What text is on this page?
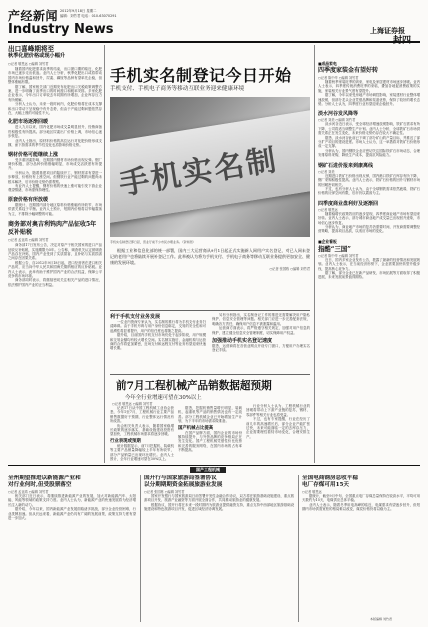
产经新闻
Industry News
2012年9月18日 星期二
编辑：刘竹君 电话：010-63070291
上海证券报
出口喜峰期将至
秋季化肥价格或现小幅升
○记者 敬恩远 ○编辑 刘竹君

随着国内化肥需求淡季的结束，出口窗口期的临近，化肥市场已逐步走出低迷。业内人士分析，秋季化肥出口或将带动国内市场价格温和回升，尿素、磷铵等品种有望率先企稳，但整体涨幅有限。

据了解，国家相关部门近期发布化肥出口关税政策调整方案，进一步明确了淡季出口的时间窗口和税率安排。多家化肥企业表示，今年出口订单较去年同期有所增加，企业库存压力有所缓解。

分析人士认为，未来一段时间内，化肥价格将在成本支撑和出口带动下呈现稳中有升态势，但由于产能过剩问题依然存在，大幅上涨的可能性不大。

化肥市场逐渐回暖

进入九月以来，国内化肥市场成交量明显回升，经销商备货积极性有所提高。部分地区尿素出厂价格上调，市场信心逐步恢复。

业内人士指出，原材料价格的高位运行对化肥价格形成支撑，而下游需求的季节性变化也将影响价格走势。

钢材价格可能继续上涨

受多重因素影响，近期国内钢材市场价格出现反弹。钢厂调价积极，部分品种价格涨幅明显，市场成交活跃度有所提升。

分析认为，随着基建项目的陆续开工，钢材需求有望进一步释放，价格仍有上涨空间。但钢铁行业产能过剩的问题尚未根本解决，后市价格走势仍需观察。

有业内人士提醒，钢材价格的快速上涨可能引发下游企业观望情绪，市场需保持理性。

原套价格有所放缓

据统计，近期国内部分地区原料价格涨幅有所收窄，市场供需关系趋于平衡。业内人士预计，短期内价格将以窄幅震荡为主，不排除小幅调整的可能。

商务部对奥吉利钨肉产品征收5年反补贴税
○记者 孟亚鸿 ○编辑 刘竹君

商务部17日发布公告，决定对原产于相关国家的进口产品征收反补贴税，实施期限为5年。公告称，调查机关认定被调查产品存在补贴，国内产业受到了实质损害，且补贴与实质损害之间存在因果关系。

根据公告，自2012年9月18日起，进口经营者在进口相关产品时，应当向中华人民共和国海关缴纳相应的反补贴税。业内人士表示，此举有助于维护国内产业的合法权益，保障公平竞争的市场环境。

商务部同时表示，将继续密切关注相关产品的进口情况，依法维护国内产业的正当利益。

手机实名制登记今日开始
手机支付、手机电子商务等移动互联业务迎来健康环境
手机实名制
手机实名制登记即日起，营业厅前不少市民办理业务。（资料图）

根据工业和信息化部的统一部署，国内三大运营商从9月1日起正式实施新入网用户实名登记，对已入网未登记的老用户也将陆续开展补登记工作。此举被认为将为手机支付、手机电子商务等移动互联业务提供更加安全、健康的发展环境。

○记者 张国栋 ○编辑 刘竹君
利于手机支付业务发展

一位业内资深专家认为，实名制的推行将为手机支付业务扫清障碍。由于手机号码与用户身份信息绑定，交易的安全性和可追溯性将显著提升，用户的信任度也将随之提高。

据介绍，目前国内手机支付市场仍处于起步阶段，用户规模和交易金额均有较大增长空间。实名制实施后，金融机构与运营商的合作将更加紧密，近场支付和远程支付等业务有望迎来快速增长期。

另有分析指出，实名制登记工作的推进还需要解决用户隐私保护、信息安全管理等问题。相关部门应进一步完善配套法规，明确各方责任，确保用户信息不被泄露和滥用。

运营商方面表示，将严格遵守相关规定，加强对用户信息的保护，建立健全信息安全管理制度，切实保障用户权益。

加强推动手机实名登记速度
据悉，运营商将在各营业网点开设专门窗口，方便用户办理实名登记手续。
前7月工程机械产品销数据超预期
今年全行业增速可望在30%以上
○记者 敬恩远 ○编辑 刘竹君

记者17日从中国工程机械工业协会获悉，今年1至7月，工程机械行业主要产品销售数据好于预期，行业整体运行情况有所改善。

协会相关负责人表示，随着国家稳增长政策的逐步落实，基础设施建设投资有望加快，工程机械市场需求将逐步回暖。

行业表现或预期

统计数据显示，前7月挖掘机、装载机等主要产品销量降幅较上半年有所收窄，部分产品销量已出现环比增长。业内人士预计，全年行业增速可望在30%以上。

据悉，挖掘机销售量增长明显，装载机、起重机等产品的销售情况也有一定改善。部分工程机械企业已开始增加生产计划，为下半年的市场需求做准备。

国产机械占比提高

在国产品牌方面，国内企业的市场份额持续提升，与外资品牌的竞争格局正在发生变化。国产工程机械凭借性价比优势和完善的服务网络，在国内市场的占有率不断提高。

行业分析人士认为，工程机械行业的回暖将带动上下游产业链的复苏，钢材、零部件等相关行业也将受益。

不过，也有专家提醒，行业在经历了前几年的高速增长后，部分企业产能扩张过快，未来可能面临一定的去库存压力，企业需要理性看待市场变化，合理安排生产。

■成品家电
四季度家装金有望好转
○记者 陈中华 ○编辑 刘竹君

随着秋季家装旺季的到来，家电及家居建材市场逐步回暖。业内人士表示，四季度传统消费旺季的来临，叠加各地促消费政策的实施，家装相关行业景气度有望提升。

据了解，今年以来受房地产市场调控影响，家装建材行业整体增速放缓，但部分龙头企业凭借品牌和渠道优势，保持了较好的增长态势。分析人士认为，四季度行业有望迎来企稳回升。

淡水河谷发风降等
○记者 刘美 ○编辑 刘竹君

淡水河谷近日表示，受全球经济增速放缓影响，铁矿石需求有所下降，公司将适当调整生产计划。业内人士分析，全球铁矿石市场供需关系正在发生变化，未来价格走势仍存在较大不确定性。

据悉，淡水河谷此前已下调了部分矿山的产量目标，并推迟了部分扩产项目的建设进度。市场人士认为，这一举措将对铁矿石价格形成一定支撑。

分析认为，国内钢铁企业应密切关注国际铁矿石市场动态，合理安排原料采购，降低生产成本，提高抗风险能力。

钢矿石进价报来到康离线
○记者 刘美

近期进口铁矿石价格出现反弹，国内港口铁矿石库存有所下降，钢厂采购积极性提高。业内人士表示，铁矿石价格的回升与钢材市场的回暖密切相关。

不过，也有分析人士认为，由于全球钢铁需求依然疲弱，铁矿石价格的反弹空间有限，后市仍以震荡为主。

四季度商业盘利好及逐渐回
○记者 敬恩远

随着稳增长政策效应的逐步显现，四季度商业地产市场有望迎来好转。业内人士表示，部分城市商业地产成交量已出现回升迹象，市场信心逐步恢复。

分析认为，商业地产市场的复苏仍需要时间，开发商需要调整经营策略，提高项目品质，以适应市场的变化。

■企业看板
指酷“三国”
○记者 陈中华 ○编辑 刘竹君

近日，国内多家企业发布公告，披露了最新的经营情况和发展规划。业内人士表示，在当前经济形势下，企业需要加快转型升级步伐，提高核心竞争力。

据了解，部分企业已在新产品研发、市场拓展等方面取得了积极进展，未来发展前景值得期待。

国产工程机械
全州期望推进以新能源产业和
对行业何时,但受股票落空
○记者 孟亚鸿 ○编辑 刘竹君

相关部门近日表示，将继续推进新能源产业的发展，加大对新能源汽车、太阳能、风能等领域的政策支持力度。业内人士认为，新能源产业的快速发展将为经济增长注入新的动力。

据介绍，今年以来，国内新能源产业发展面临诸多挑战，部分企业经营困难，行业洗牌加速。但从长远来看，新能源产业仍具有广阔的发展前景，政策支持力度有望进一步加大。

国开行与国家旅游局签署协议
以分期期期资金拓展旅游业发展
○记者 张国栋 ○编辑 刘竹君

国家开发银行与国家旅游局日前签署开发性金融合作协议，双方将在旅游基础设施建设、重点旅游项目开发、旅游产业融资等方面开展全面合作，共同推动旅游业的健康发展。

根据协议，国开行将在未来一段时期内为旅游业提供融资支持，重点支持中西部地区旅游基础设施建设和特色旅游项目开发，促进区域经济协调发展。

全国电商钢房总收平稳
电厂存煤可用15天
○记者 敬恩远

据统计，截至9月中旬，全国重点电厂存煤总量保持在较高水平，平均可用天数约为15天，电煤供应总体平稳。

业内人士表示，随着冬季用电高峰的临近，电煤需求有望逐步回升，但短期内市场供需宽松的格局难以改变，煤炭价格仍将以稳为主。

本版编辑 刘竹君
